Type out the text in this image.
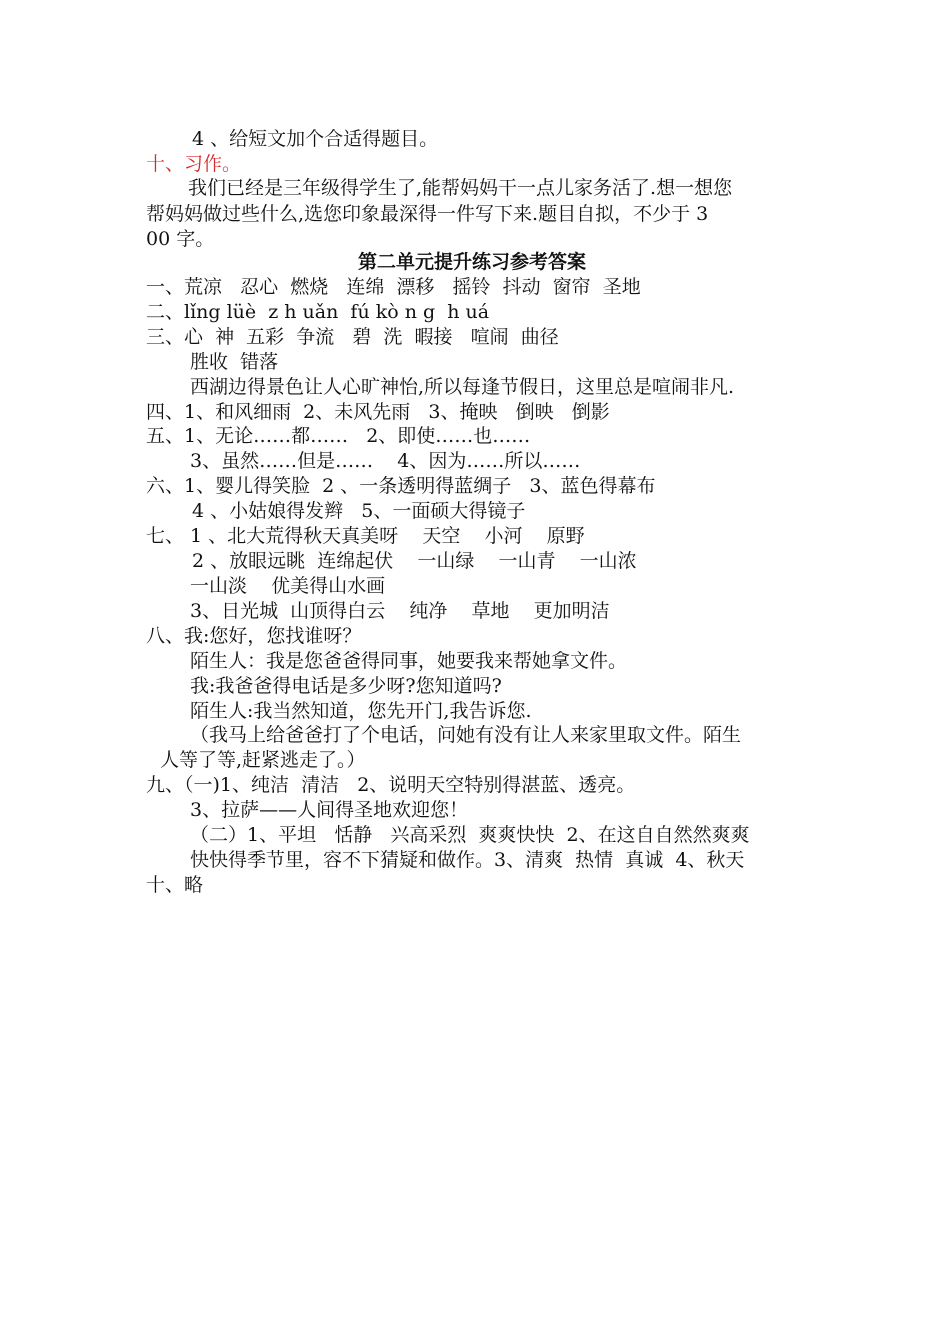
4 、给短文加个合适得题目。
十、习作。
我们已经是三年级得学生了,能帮妈妈干一点儿家务活了.想一想您
帮妈妈做过些什么,选您印象最深得一件写下来.题目自拟，不少于 3
00 字。
第二单元提升练习参考答案
一、荒凉   忍心  燃烧   连绵  漂移   摇铃  抖动  窗帘  圣地
二、lǐng lüè  z h uǎn  fú kò n g  h uá
三、心  神  五彩  争流   碧  洗  暇接   喧闹  曲径
胜收  错落
西湖边得景色让人心旷神怡,所以每逢节假日，这里总是喧闹非凡.
四、1、和风细雨  2、未风先雨   3、掩映   倒映   倒影
五、1、无论……都……   2、即使……也……
3、虽然……但是……    4、因为……所以……
六、1、婴儿得笑脸  2 、一条透明得蓝绸子   3、蓝色得幕布
4 、小姑娘得发辫   5、一面硕大得镜子
七、 1 、北大荒得秋天真美呀    天空    小河    原野
2 、放眼远眺  连绵起伏    一山绿    一山青    一山浓
一山淡    优美得山水画
3、日光城  山顶得白云    纯净    草地    更加明洁
八、我:您好，您找谁呀？
陌生人：我是您爸爸得同事，她要我来帮她拿文件。
我:我爸爸得电话是多少呀?您知道吗?
陌生人:我当然知道，您先开门,我告诉您.
（我马上给爸爸打了个电话，问她有没有让人来家里取文件。陌生
人等了等,赶紧逃走了。）
九、（一)1、纯洁  清洁   2、说明天空特别得湛蓝、透亮。
3、拉萨——人间得圣地欢迎您！
（二）1、平坦   恬静   兴高采烈  爽爽快快  2、在这自自然然爽爽
快快得季节里，容不下猜疑和做作。3、清爽  热情  真诚  4、秋天
十、略
